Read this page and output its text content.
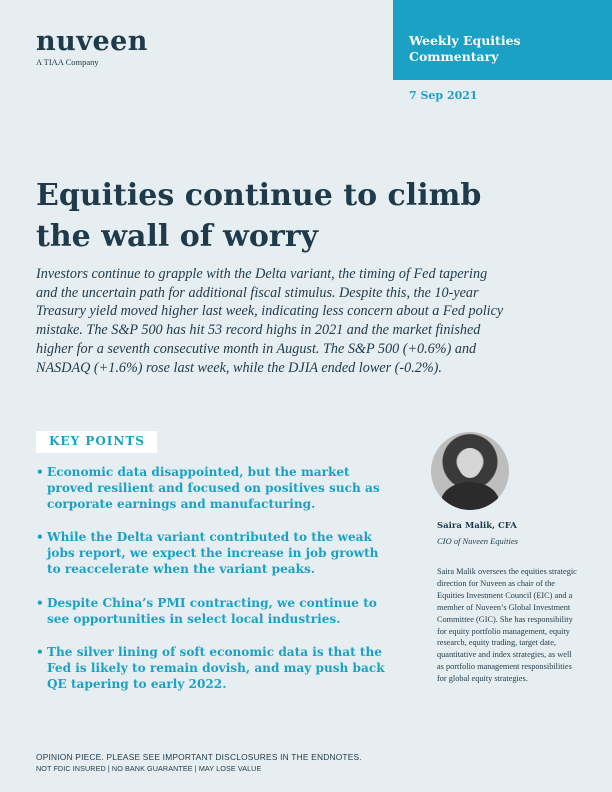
nuveen
A TIAA Company
Weekly Equities Commentary
7 Sep 2021
Equities continue to climb
the wall of worry

Investors continue to grapple with the Delta variant, the timing of Fed tapering and the uncertain path for additional fiscal stimulus. Despite this, the 10-year Treasury yield moved higher last week, indicating less concern about a Fed policy mistake. The S&P 500 has hit 53 record highs in 2021 and the market finished higher for a seventh consecutive month in August. The S&P 500 (+0.6%) and NASDAQ (+1.6%) rose last week, while the DJIA ended lower (-0.2%).

KEY POINTS
• Economic data disappointed, but the market proved resilient and focused on positives such as corporate earnings and manufacturing.
• While the Delta variant contributed to the weak jobs report, we expect the increase in job growth to reaccelerate when the variant peaks.
• Despite China’s PMI contracting, we continue to see opportunities in select local industries.
• The silver lining of soft economic data is that the Fed is likely to remain dovish, and may push back QE tapering to early 2022.
Saira Malik, CFA
CIO of Nuveen Equities

Saira Malik oversees the equities strategic direction for Nuveen as chair of the Equities Investment Council (EIC) and a member of Nuveen’s Global Investment Committee (GIC). She has responsibility for equity portfolio management, equity research, equity trading, target date, quantitative and index strategies, as well as portfolio management responsibilities for global equity strategies.

OPINION PIECE. PLEASE SEE IMPORTANT DISCLOSURES IN THE ENDNOTES.
NOT FDIC INSURED | NO BANK GUARANTEE | MAY LOSE VALUE
